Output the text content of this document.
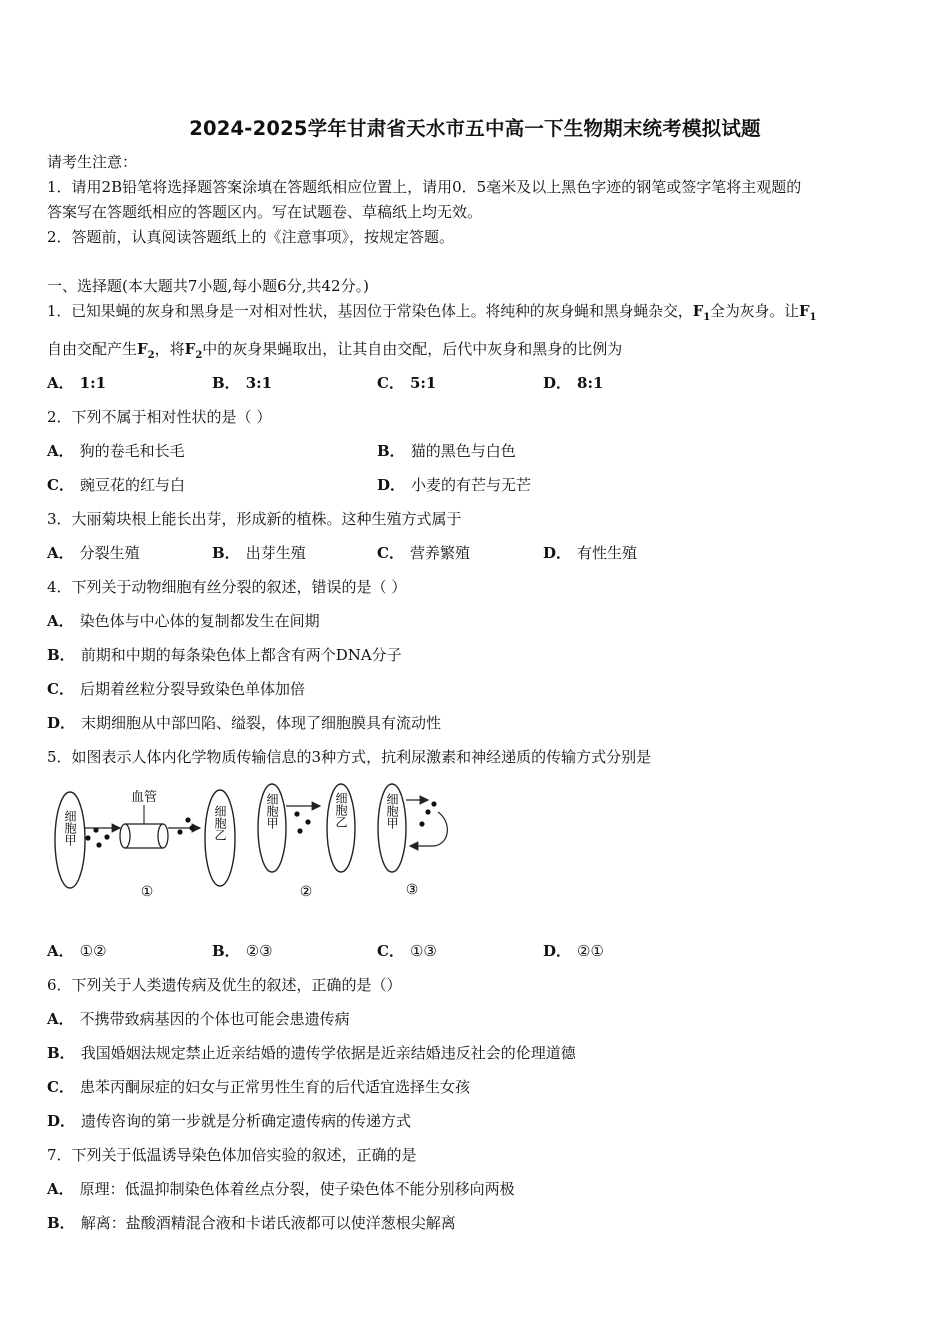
2024-2025学年甘肃省天水市五中高一下生物期末统考模拟试题
请考生注意：
1．请用2B铅笔将选择题答案涂填在答题纸相应位置上，请用0．5毫米及以上黑色字迹的钢笔或签字笔将主观题的
答案写在答题纸相应的答题区内。写在试题卷、草稿纸上均无效。
2．答题前，认真阅读答题纸上的《注意事项》，按规定答题。
一、选择题(本大题共7小题,每小题6分,共42分。)
1．已知果蝇的灰身和黑身是一对相对性状，基因位于常染色体上。将纯种的灰身蝇和黑身蝇杂交，$F_1$全为灰身。让$F_1$
自由交配产生$F_2$，将$F_2$中的灰身果蝇取出，让其自由交配，后代中灰身和黑身的比例为
A． 1:1	B． 3:1	C． 5:1	D． 8:1
2．下列不属于相对性状的是（ ）
A． 狗的卷毛和长毛	B． 猫的黑色与白色
C． 豌豆花的红与白	D． 小麦的有芒与无芒
3．大丽菊块根上能长出芽，形成新的植株。这种生殖方式属于
A． 分裂生殖	B． 出芽生殖	C． 营养繁殖	D． 有性生殖
4．下列关于动物细胞有丝分裂的叙述，错误的是（ ）
A． 染色体与中心体的复制都发生在间期
B． 前期和中期的每条染色体上都含有两个DNA分子
C． 后期着丝粒分裂导致染色单体加倍
D． 末期细胞从中部凹陷、缢裂，体现了细胞膜具有流动性
5．如图表示人体内化学物质传输信息的3种方式，抗利尿激素和神经递质的传输方式分别是
细胞甲
血管
细胞乙
①
细胞甲	细胞乙
②
细胞甲
③
A． ①②	B． ②③	C． ①③	D． ②①
6．下列关于人类遗传病及优生的叙述，正确的是（）
A． 不携带致病基因的个体也可能会患遗传病
B． 我国婚姻法规定禁止近亲结婚的遗传学依据是近亲结婚违反社会的伦理道德
C． 患苯丙酮尿症的妇女与正常男性生育的后代适宜选择生女孩
D． 遗传咨询的第一步就是分析确定遗传病的传递方式
7．下列关于低温诱导染色体加倍实验的叙述，正确的是
A． 原理：低温抑制染色体着丝点分裂，使子染色体不能分别移向两极
B． 解离：盐酸酒精混合液和卡诺氏液都可以使洋葱根尖解离
